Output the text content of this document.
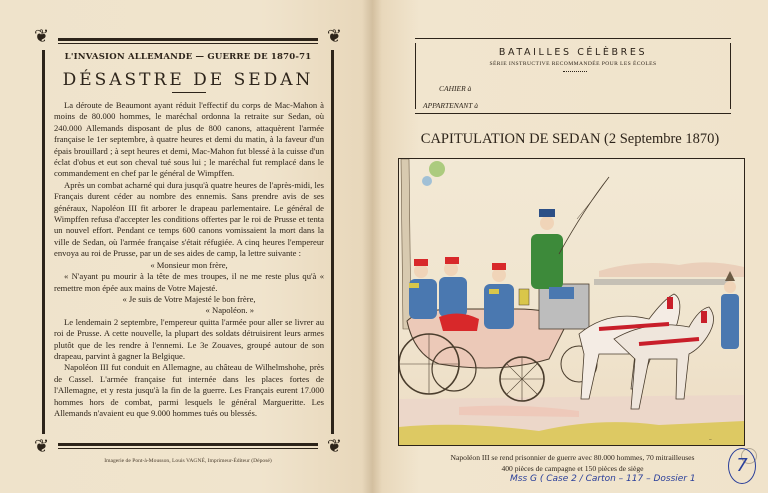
❦	❦
❦	❦
L'INVASION ALLEMANDE — GUERRE DE 1870-71
DÉSASTRE DE SEDAN

La déroute de Beaumont ayant réduit l'effectif du corps de Mac-Mahon à moins de 80.000 hommes, le maréchal ordonna la retraite sur Sedan, où 240.000 Allemands disposant de plus de 800 canons, attaquèrent l'armée française le 1er septembre, à quatre heures et demi du matin, à la faveur d'un épais brouillard ; à sept heures et demi, Mac-Mahon fut blessé à la cuisse d'un éclat d'obus et eut son cheval tué sous lui ; le maréchal fut remplacé dans le commandement en chef par le général de Wimpffen.

Après un combat acharné qui dura jusqu'à quatre heures de l'après-midi, les Français durent céder au nombre des ennemis. Sans prendre avis de ses généraux, Napoléon III fit arborer le drapeau parlementaire. Le général de Wimpffen refusa d'accepter les conditions offertes par le roi de Prusse et tenta un nouvel effort. Pendant ce temps 600 canons vomissaient la mort dans la ville de Sedan, où l'armée française s'était réfugiée. A cinq heures l'empereur envoya au roi de Prusse, par un de ses aides de camp, la lettre suivante :

« Monsieur mon frère,

« N'ayant pu mourir à la tête de mes troupes, il ne me reste plus qu'à « remettre mon épée aux mains de Votre Majesté.

« Je suis de Votre Majesté le bon frère,

« Napoléon. »

Le lendemain 2 septembre, l'empereur quitta l'armée pour aller se livrer au roi de Prusse. A cette nouvelle, la plupart des soldats détruisirent leurs armes plutôt que de les rendre à l'ennemi. Le 3e Zouaves, groupé autour de son drapeau, parvint à gagner la Belgique.

Napoléon III fut conduit en Allemagne, au château de Wilhelmshohe, près de Cassel. L'armée française fut internée dans les places fortes de l'Allemagne, et y resta jusqu'à la fin de la guerre. Les Français eurent 17.000 hommes hors de combat, parmi lesquels le général Margueritte. Les Allemands n'avaient eu que 9.000 hommes tués ou blessés.

Imagerie de Pont-à-Mousson, Louis VAGNÉ, Imprimeur-Éditeur (Déposé)
BATAILLES CÉLÈBRES
SÉRIE INSTRUCTIVE RECOMMANDÉE POUR LES ÉCOLES
CAHIER à
APPARTENANT à
CAPITULATION DE SEDAN (2 Septembre 1870)
~
Napoléon III se rend prisonnier de guerre avec 80.000 hommes, 70 mitrailleuses
400 pièces de campagne et 150 pièces de siège
Mss G ( Case 2 / Carton – 117 – Dossier 1
7
